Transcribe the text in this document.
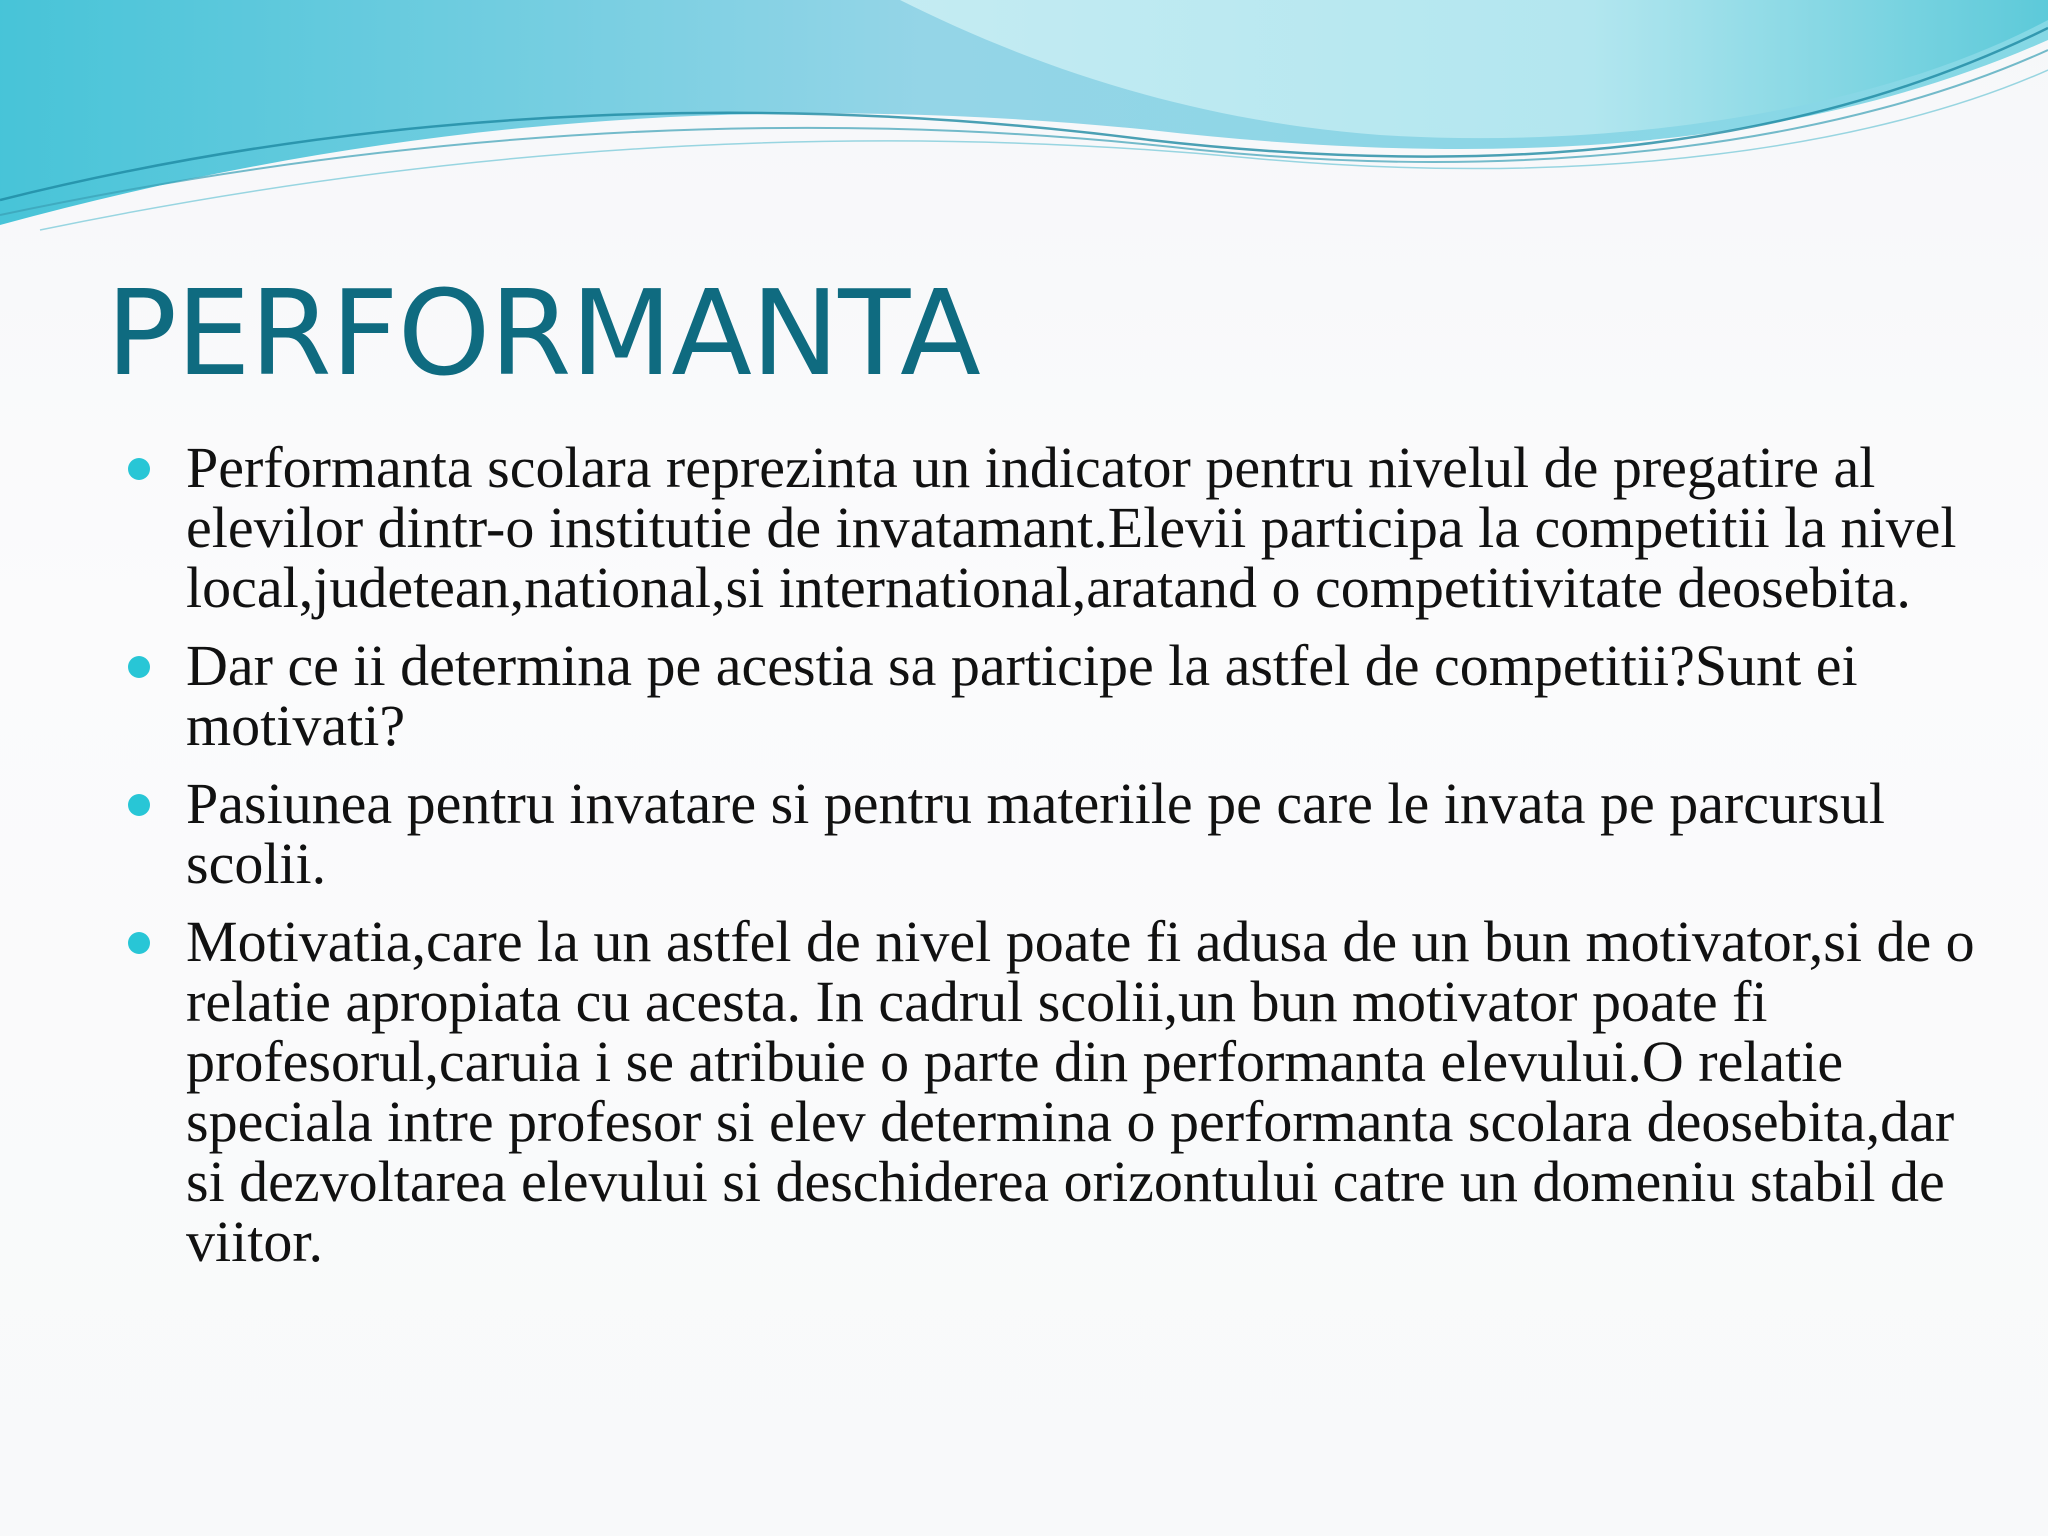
PERFORMANTA
Performanta scolara reprezinta un indicator pentru nivelul de pregatire al elevilor dintr-o institutie de invatamant.Elevii participa la competitii la nivel local,judetean,national,si international,aratand o competitivitate deosebita.
Dar ce ii determina pe acestia sa participe la astfel de competitii?Sunt ei motivati?
Pasiunea pentru invatare si pentru materiile pe care le invata pe parcursul scolii.
Motivatia,care la un astfel de nivel poate fi adusa de un bun motivator,si de o relatie apropiata cu acesta. In cadrul scolii,un bun motivator poate fi profesorul,caruia i se atribuie o parte din performanta elevului.O relatie speciala intre profesor si elev determina o performanta scolara deosebita,dar si dezvoltarea elevului si deschiderea orizontului catre un domeniu stabil de viitor.
